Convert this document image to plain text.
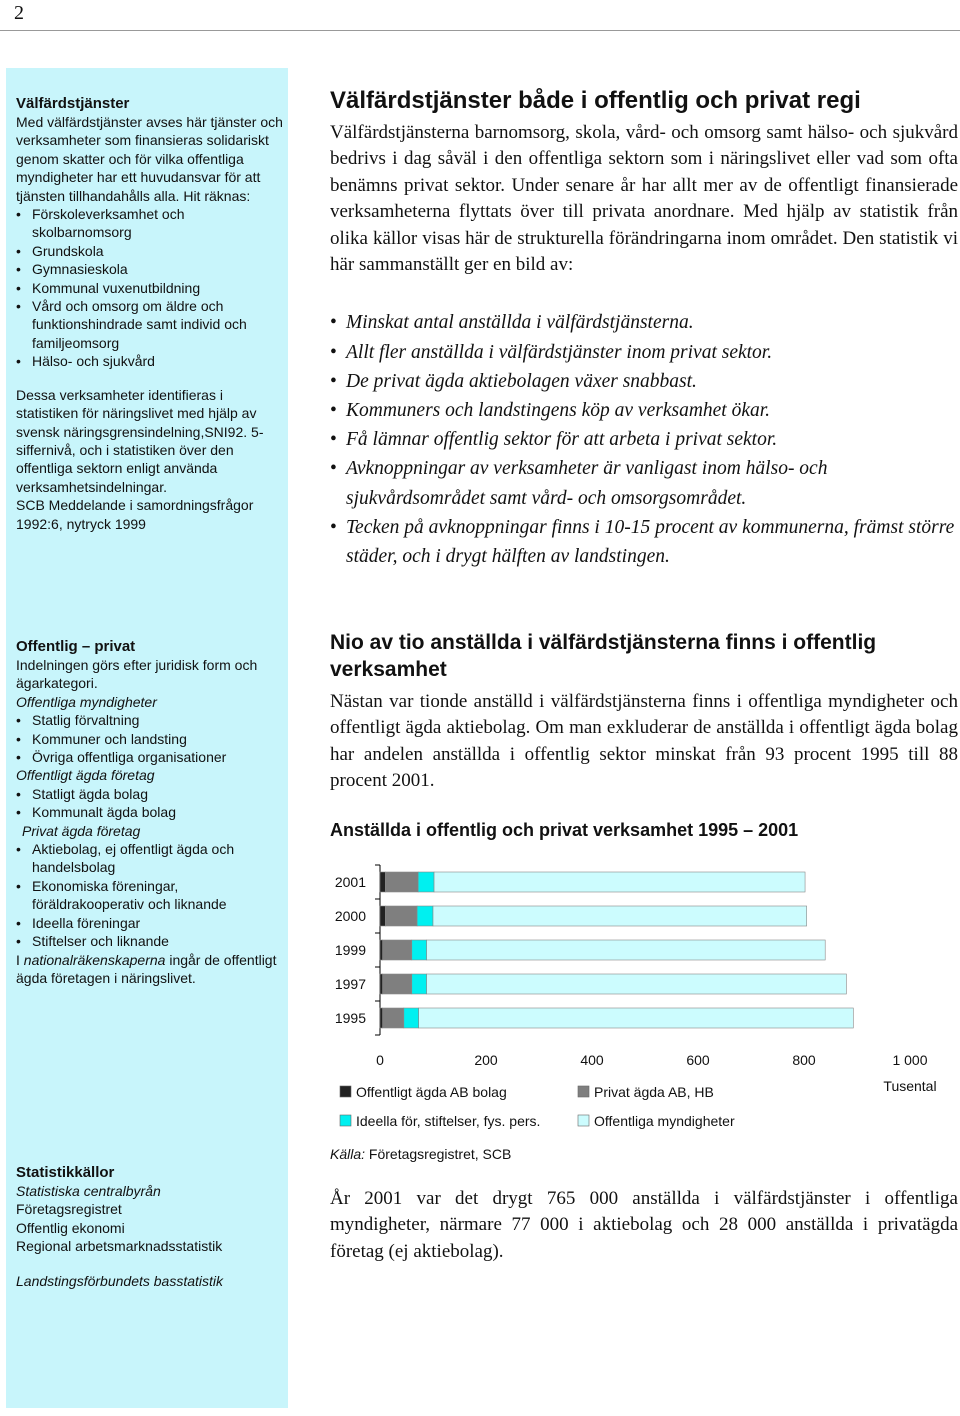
2
Välfärdstjänster

Med välfärdstjänster avses här tjänster och verksamheter som finansieras solidariskt genom skatter och för vilka offentliga myndigheter har ett huvudansvar för att tjänsten tillhandahålls alla. Hit räknas:

• Förskoleverksamhet och skolbarnomsorg
• Grundskola
• Gymnasieskola
• Kommunal vuxenutbildning
• Vård och omsorg om äldre och funktionshindrade samt individ och familjeomsorg
• Hälso- och sjukvård

Dessa verksamheter identifieras i statistiken för näringslivet med hjälp av svensk näringsgrensindelning,SNI92. 5-siffernivå, och i statistiken över den offentliga sektorn enligt använda verksamhetsindelningar.

SCB Meddelande i samordningsfrågor 1992:6, nytryck 1999

Offentlig – privat

Indelningen görs efter juridisk form och ägarkategori.

Offentliga myndigheter

• Statlig förvaltning
• Kommuner och landsting
• Övriga offentliga organisationer

Offentligt ägda företag

• Statligt ägda bolag
• Kommunalt ägda bolag

Privat ägda företag

• Aktiebolag, ej offentligt ägda och handelsbolag
• Ekonomiska föreningar, föräldrakooperativ och liknande
• Ideella föreningar
• Stiftelser och liknande

I nationalräkenskaperna ingår de offentligt ägda företagen i näringslivet.

Statistikkällor

Statistiska centralbyrån

Företagsregistret

Offentlig ekonomi

Regional arbetsmarknadsstatistik

Landstingsförbundets basstatistik

Välfärdstjänster både i offentlig och privat regi

Välfärdstjänsterna barnomsorg, skola, vård- och omsorg samt hälso- och sjukvård bedrivs i dag såväl i den offentliga sektorn som i näringslivet eller vad som ofta benämns privat sektor. Under senare år har allt mer av de offentligt finansierade verksamheterna flyttats över till privata anordnare. Med hjälp av statistik från olika källor visas här de strukturella förändringarna inom området. Den statistik vi här sammanställt ger en bild av:

• Minskat antal anställda i välfärdstjänsterna.
• Allt fler anställda i välfärdstjänster inom privat sektor.
• De privat ägda aktiebolagen växer snabbast.
• Kommuners och landstingens köp av verksamhet ökar.
• Få lämnar offentlig sektor för att arbeta i privat sektor.
• Avknoppningar av verksamheter är vanligast inom hälso- och sjukvårdsområdet samt vård- och omsorgsområdet.
• Tecken på avknoppningar finns i 10-15 procent av kommunerna, främst större städer, och i drygt hälften av landstingen.
Nio av tio anställda i välfärdstjänsterna finns i offentlig verksamhet

Nästan var tionde anställd i välfärdstjänsterna finns i offentliga myndigheter och offentligt ägda aktiebolag. Om man exkluderar de anställda i offentligt ägda bolag har andelen anställda i offentlig sektor minskat från 93 procent 1995 till 88 procent 2001.

Anställda i offentlig och privat verksamhet 1995 – 2001
2001
2000
1999
1997
1995
0	200	400	600	800	1 000
Tusental
Offentligt ägda AB bolag	Privat ägda AB, HB
Ideella för, stiftelser, fys. pers.	Offentliga myndigheter
Källa: Företagsregistret, SCB

År 2001 var det drygt 765 000 anställda i välfärdstjänster i offentliga myndigheter, närmare 77 000 i aktiebolag och 28 000 anställda i privatägda företag (ej aktiebolag).
